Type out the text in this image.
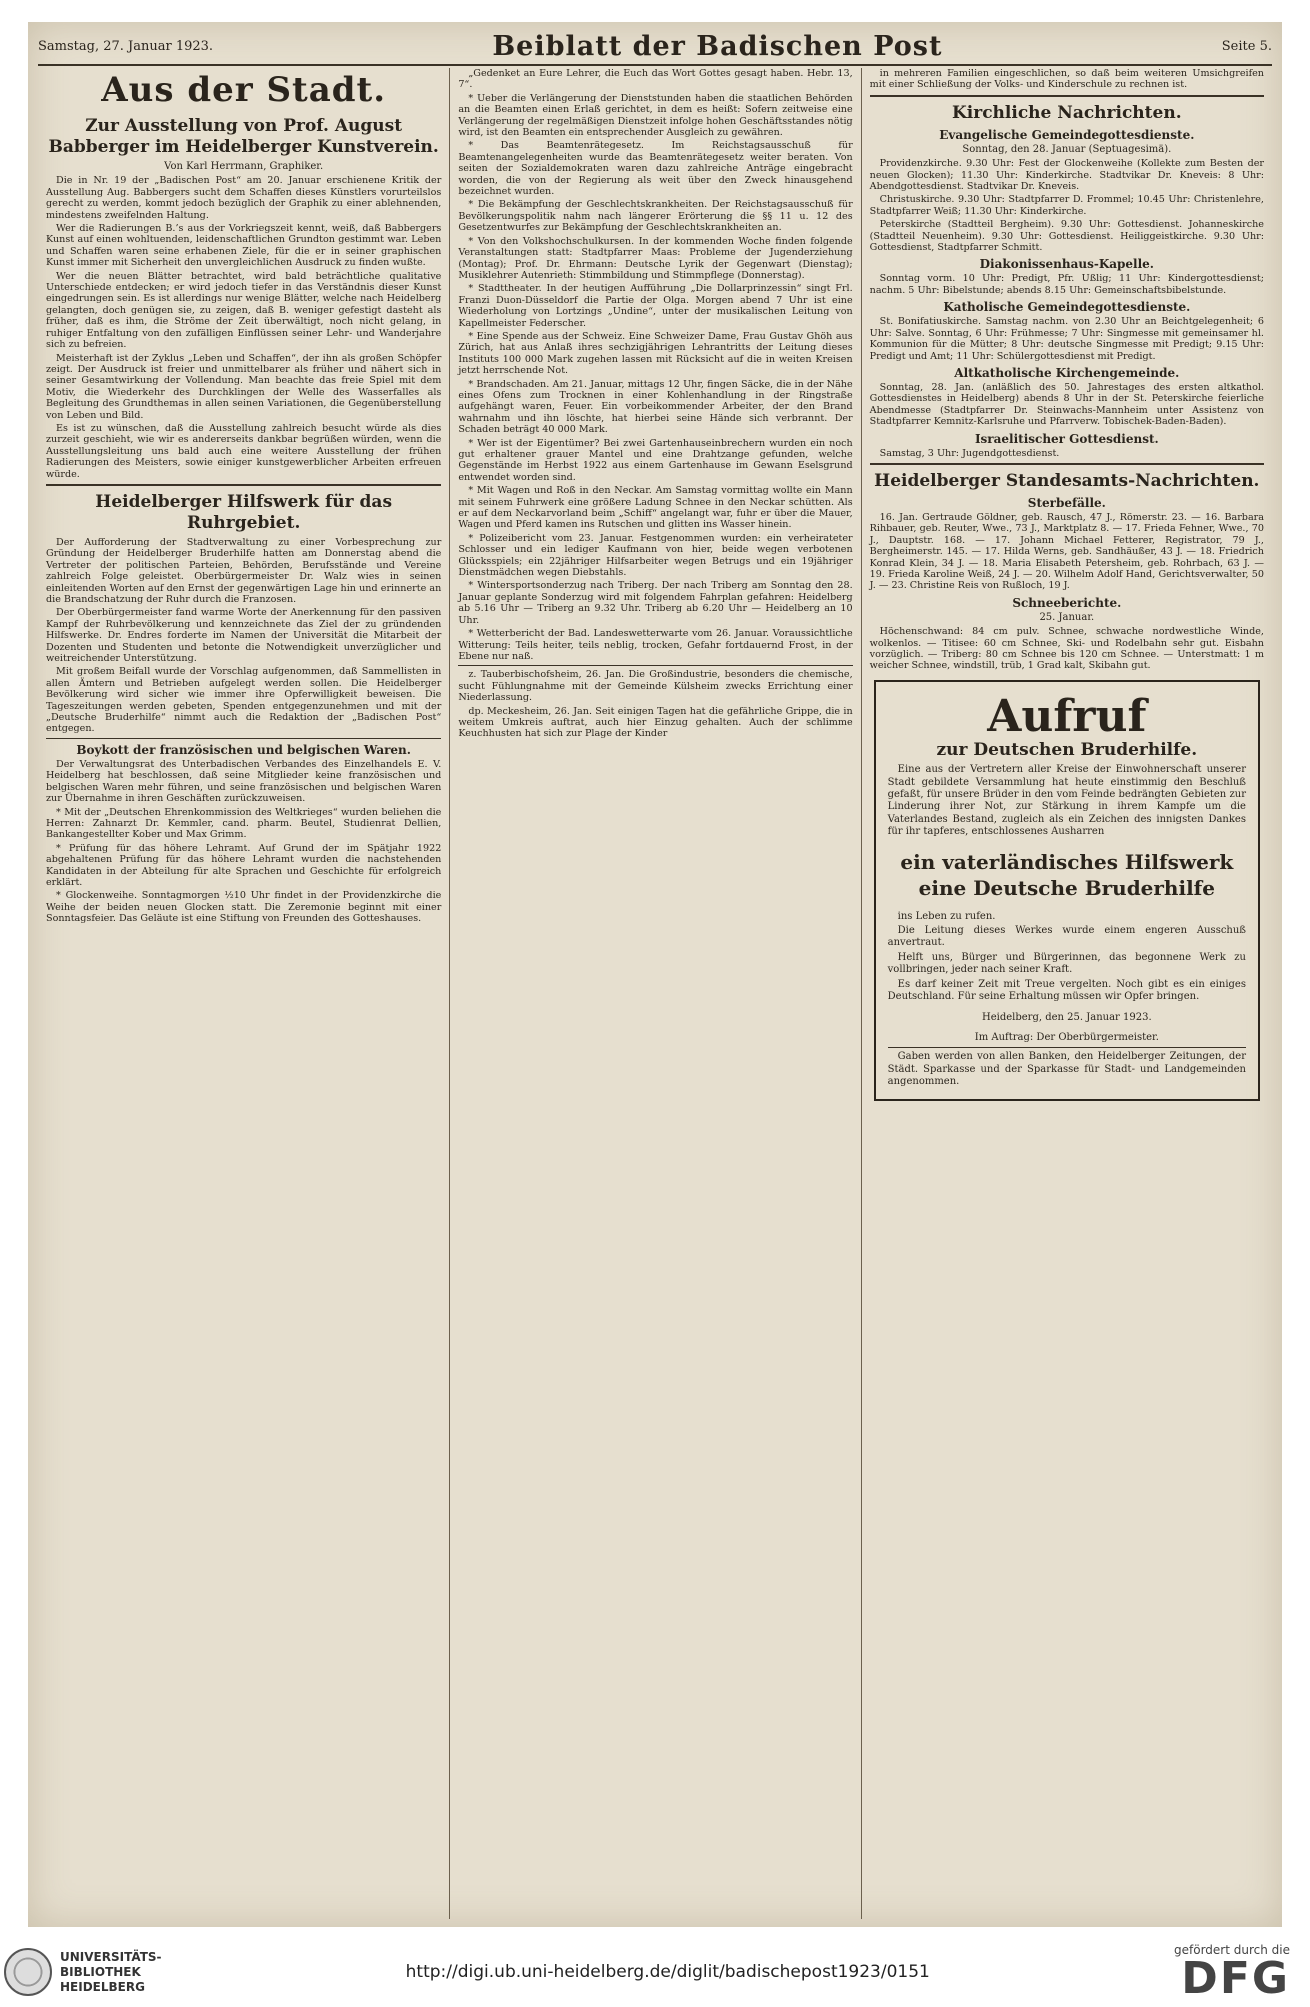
Samstag, 27. Januar 1923.	Beiblatt der Badischen Post	Seite 5.
Aus der Stadt.
Zur Ausstellung von Prof. August Babberger im Heidelberger Kunstverein.
Von Karl Herrmann, Graphiker.

Die in Nr. 19 der „Badischen Post“ am 20. Januar erschienene Kritik der Ausstellung Aug. Babbergers sucht dem Schaffen dieses Künstlers vorurteilslos gerecht zu werden, kommt jedoch bezüglich der Graphik zu einer ablehnenden, mindestens zweifelnden Haltung.

Wer die Radierungen B.’s aus der Vorkriegszeit kennt, weiß, daß Babbergers Kunst auf einen wohltuenden, leidenschaftlichen Grundton gestimmt war. Leben und Schaffen waren seine erhabenen Ziele, für die er in seiner graphischen Kunst immer mit Sicherheit den unvergleichlichen Ausdruck zu finden wußte.

Wer die neuen Blätter betrachtet, wird bald beträchtliche qualitative Unterschiede entdecken; er wird jedoch tiefer in das Verständnis dieser Kunst eingedrungen sein. Es ist allerdings nur wenige Blätter, welche nach Heidelberg gelangten, doch genügen sie, zu zeigen, daß B. weniger gefestigt dasteht als früher, daß es ihm, die Ströme der Zeit überwältigt, noch nicht gelang, in ruhiger Entfaltung von den zufälligen Einflüssen seiner Lehr- und Wanderjahre sich zu befreien.

Meisterhaft ist der Zyklus „Leben und Schaffen“, der ihn als großen Schöpfer zeigt. Der Ausdruck ist freier und unmittelbarer als früher und nähert sich in seiner Gesamtwirkung der Vollendung. Man beachte das freie Spiel mit dem Motiv, die Wiederkehr des Durchklingen der Welle des Wasserfalles als Begleitung des Grundthemas in allen seinen Variationen, die Gegenüberstellung von Leben und Bild.

Es ist zu wünschen, daß die Ausstellung zahlreich besucht würde als dies zurzeit geschieht, wie wir es andererseits dankbar begrüßen würden, wenn die Ausstellungsleitung uns bald auch eine weitere Ausstellung der frühen Radierungen des Meisters, sowie einiger kunstgewerblicher Arbeiten erfreuen würde.

Heidelberger Hilfswerk für das Ruhrgebiet.

Der Aufforderung der Stadtverwaltung zu einer Vorbesprechung zur Gründung der Heidelberger Bruderhilfe hatten am Donnerstag abend die Vertreter der politischen Parteien, Behörden, Berufsstände und Vereine zahlreich Folge geleistet. Oberbürgermeister Dr. Walz wies in seinen einleitenden Worten auf den Ernst der gegenwärtigen Lage hin und erinnerte an die Brandschatzung der Ruhr durch die Franzosen.

Der Oberbürgermeister fand warme Worte der Anerkennung für den passiven Kampf der Ruhrbevölkerung und kennzeichnete das Ziel der zu gründenden Hilfswerke. Dr. Endres forderte im Namen der Universität die Mitarbeit der Dozenten und Studenten und betonte die Notwendigkeit unverzüglicher und weitreichender Unterstützung.

Mit großem Beifall wurde der Vorschlag aufgenommen, daß Sammellisten in allen Ämtern und Betrieben aufgelegt werden sollen. Die Heidelberger Bevölkerung wird sicher wie immer ihre Opferwilligkeit beweisen. Die Tageszeitungen werden gebeten, Spenden entgegenzunehmen und mit der „Deutsche Bruderhilfe“ nimmt auch die Redaktion der „Badischen Post“ entgegen.

Boykott der französischen und belgischen Waren.

Der Verwaltungsrat des Unterbadischen Verbandes des Einzelhandels E. V. Heidelberg hat beschlossen, daß seine Mitglieder keine französischen und belgischen Waren mehr führen, und seine französischen und belgischen Waren zur Übernahme in ihren Geschäften zurückzuweisen.

* Mit der „Deutschen Ehrenkommission des Weltkrieges“ wurden beliehen die Herren: Zahnarzt Dr. Kemmler, cand. pharm. Beutel, Studienrat Dellien, Bankangestellter Kober und Max Grimm.

* Prüfung für das höhere Lehramt. Auf Grund der im Spätjahr 1922 abgehaltenen Prüfung für das höhere Lehramt wurden die nachstehenden Kandidaten in der Abteilung für alte Sprachen und Geschichte für erfolgreich erklärt.

* Glockenweihe. Sonntagmorgen ½10 Uhr findet in der Providenzkirche die Weihe der beiden neuen Glocken statt. Die Zeremonie beginnt mit einer Sonntagsfeier. Das Geläute ist eine Stiftung von Freunden des Gotteshauses.

„Gedenket an Eure Lehrer, die Euch das Wort Gottes gesagt haben. Hebr. 13, 7“.

* Ueber die Verlängerung der Dienststunden haben die staatlichen Behörden an die Beamten einen Erlaß gerichtet, in dem es heißt: Sofern zeitweise eine Verlängerung der regelmäßigen Dienstzeit infolge hohen Geschäftsstandes nötig wird, ist den Beamten ein entsprechender Ausgleich zu gewähren.

* Das Beamtenrätegesetz. Im Reichstagsausschuß für Beamtenangelegenheiten wurde das Beamtenrätegesetz weiter beraten. Von seiten der Sozialdemokraten waren dazu zahlreiche Anträge eingebracht worden, die von der Regierung als weit über den Zweck hinausgehend bezeichnet wurden.

* Die Bekämpfung der Geschlechtskrankheiten. Der Reichstagsausschuß für Bevölkerungspolitik nahm nach längerer Erörterung die §§ 11 u. 12 des Gesetzentwurfes zur Bekämpfung der Geschlechtskrankheiten an.

* Von den Volkshochschulkursen. In der kommenden Woche finden folgende Veranstaltungen statt: Stadtpfarrer Maas: Probleme der Jugenderziehung (Montag); Prof. Dr. Ehrmann: Deutsche Lyrik der Gegenwart (Dienstag); Musiklehrer Autenrieth: Stimmbildung und Stimmpflege (Donnerstag).

* Stadttheater. In der heutigen Aufführung „Die Dollarprinzessin“ singt Frl. Franzi Duon-Düsseldorf die Partie der Olga. Morgen abend 7 Uhr ist eine Wiederholung von Lortzings „Undine“, unter der musikalischen Leitung von Kapellmeister Federscher.

* Eine Spende aus der Schweiz. Eine Schweizer Dame, Frau Gustav Ghöh aus Zürich, hat aus Anlaß ihres sechzigjährigen Lehrantritts der Leitung dieses Instituts 100 000 Mark zugehen lassen mit Rücksicht auf die in weiten Kreisen jetzt herrschende Not.

* Brandschaden. Am 21. Januar, mittags 12 Uhr, fingen Säcke, die in der Nähe eines Ofens zum Trocknen in einer Kohlenhandlung in der Ringstraße aufgehängt waren, Feuer. Ein vorbeikommender Arbeiter, der den Brand wahrnahm und ihn löschte, hat hierbei seine Hände sich verbrannt. Der Schaden beträgt 40 000 Mark.

* Wer ist der Eigentümer? Bei zwei Gartenhauseinbrechern wurden ein noch gut erhaltener grauer Mantel und eine Drahtzange gefunden, welche Gegenstände im Herbst 1922 aus einem Gartenhause im Gewann Eselsgrund entwendet worden sind.

* Mit Wagen und Roß in den Neckar. Am Samstag vormittag wollte ein Mann mit seinem Fuhrwerk eine größere Ladung Schnee in den Neckar schütten. Als er auf dem Neckarvorland beim „Schiff“ angelangt war, fuhr er über die Mauer, Wagen und Pferd kamen ins Rutschen und glitten ins Wasser hinein.

* Polizeibericht vom 23. Januar. Festgenommen wurden: ein verheirateter Schlosser und ein lediger Kaufmann von hier, beide wegen verbotenen Glücksspiels; ein 22jähriger Hilfsarbeiter wegen Betrugs und ein 19jähriger Dienstmädchen wegen Diebstahls.

* Wintersportsonderzug nach Triberg. Der nach Triberg am Sonntag den 28. Januar geplante Sonderzug wird mit folgendem Fahrplan gefahren: Heidelberg ab 5.16 Uhr — Triberg an 9.32 Uhr. Triberg ab 6.20 Uhr — Heidelberg an 10 Uhr.

* Wetterbericht der Bad. Landeswetterwarte vom 26. Januar. Voraussichtliche Witterung: Teils heiter, teils neblig, trocken, Gefahr fortdauernd Frost, in der Ebene nur naß.

z. Tauberbischofsheim, 26. Jan. Die Großindustrie, besonders die chemische, sucht Fühlungnahme mit der Gemeinde Külsheim zwecks Errichtung einer Niederlassung.

dp. Meckesheim, 26. Jan. Seit einigen Tagen hat die gefährliche Grippe, die in weitem Umkreis auftrat, auch hier Einzug gehalten. Auch der schlimme Keuchhusten hat sich zur Plage der Kinder

in mehreren Familien eingeschlichen, so daß beim weiteren Umsichgreifen mit einer Schließung der Volks- und Kinderschule zu rechnen ist.

Kirchliche Nachrichten.
Evangelische Gemeindegottesdienste.
Sonntag, den 28. Januar (Septuagesimä).

Providenzkirche. 9.30 Uhr: Fest der Glockenweihe (Kollekte zum Besten der neuen Glocken); 11.30 Uhr: Kinderkirche. Stadtvikar Dr. Kneveis: 8 Uhr: Abendgottesdienst. Stadtvikar Dr. Kneveis.

Christuskirche. 9.30 Uhr: Stadtpfarrer D. Frommel; 10.45 Uhr: Christenlehre, Stadtpfarrer Weiß; 11.30 Uhr: Kinderkirche.

Peterskirche (Stadtteil Bergheim). 9.30 Uhr: Gottesdienst. Johanneskirche (Stadtteil Neuenheim). 9.30 Uhr: Gottesdienst. Heiliggeistkirche. 9.30 Uhr: Gottesdienst, Stadtpfarrer Schmitt.

Diakonissenhaus-Kapelle.

Sonntag vorm. 10 Uhr: Predigt, Pfr. Ußlig; 11 Uhr: Kindergottesdienst; nachm. 5 Uhr: Bibelstunde; abends 8.15 Uhr: Gemeinschaftsbibelstunde.

Katholische Gemeindegottesdienste.

St. Bonifatiuskirche. Samstag nachm. von 2.30 Uhr an Beichtgelegenheit; 6 Uhr: Salve. Sonntag, 6 Uhr: Frühmesse; 7 Uhr: Singmesse mit gemeinsamer hl. Kommunion für die Mütter; 8 Uhr: deutsche Singmesse mit Predigt; 9.15 Uhr: Predigt und Amt; 11 Uhr: Schülergottesdienst mit Predigt.

Altkatholische Kirchengemeinde.

Sonntag, 28. Jan. (anläßlich des 50. Jahrestages des ersten altkathol. Gottesdienstes in Heidelberg) abends 8 Uhr in der St. Peterskirche feierliche Abendmesse (Stadtpfarrer Dr. Steinwachs-Mannheim unter Assistenz von Stadtpfarrer Kemnitz-Karlsruhe und Pfarrverw. Tobischek-Baden-Baden).

Israelitischer Gottesdienst.

Samstag, 3 Uhr: Jugendgottesdienst.

Heidelberger Standesamts-Nachrichten.
Sterbefälle.

16. Jan. Gertraude Göldner, geb. Rausch, 47 J., Römerstr. 23. — 16. Barbara Rihbauer, geb. Reuter, Wwe., 73 J., Marktplatz 8. — 17. Frieda Fehner, Wwe., 70 J., Dauptstr. 168. — 17. Johann Michael Fetterer, Registrator, 79 J., Bergheimerstr. 145. — 17. Hilda Werns, geb. Sandhäußer, 43 J. — 18. Friedrich Konrad Klein, 34 J. — 18. Maria Elisabeth Petersheim, geb. Rohrbach, 63 J. — 19. Frieda Karoline Weiß, 24 J. — 20. Wilhelm Adolf Hand, Gerichtsverwalter, 50 J. — 23. Christine Reis von Rußloch, 19 J.

Schneeberichte.
25. Januar.

Höchenschwand: 84 cm pulv. Schnee, schwache nordwestliche Winde, wolkenlos. — Titisee: 60 cm Schnee, Ski- und Rodelbahn sehr gut. Eisbahn vorzüglich. — Triberg: 80 cm Schnee bis 120 cm Schnee. — Unterstmatt: 1 m weicher Schnee, windstill, trüb, 1 Grad kalt, Skibahn gut.

Aufruf
zur Deutschen Bruderhilfe.

Eine aus der Vertretern aller Kreise der Einwohnerschaft unserer Stadt gebildete Versammlung hat heute einstimmig den Beschluß gefaßt, für unsere Brüder in den vom Feinde bedrängten Gebieten zur Linderung ihrer Not, zur Stärkung in ihrem Kampfe um die Vaterlandes Bestand, zugleich als ein Zeichen des innigsten Dankes für ihr tapferes, entschlossenes Ausharren

ein vaterländisches Hilfswerk eine Deutsche Bruderhilfe

ins Leben zu rufen.

Die Leitung dieses Werkes wurde einem engeren Ausschuß anvertraut.

Helft uns, Bürger und Bürgerinnen, das begonnene Werk zu vollbringen, jeder nach seiner Kraft.

Es darf keiner Zeit mit Treue vergelten. Noch gibt es ein einiges Deutschland. Für seine Erhaltung müssen wir Opfer bringen.

Heidelberg, den 25. Januar 1923.
Im Auftrag: Der Oberbürgermeister.

Gaben werden von allen Banken, den Heidelberger Zeitungen, der Städt. Sparkasse und der Sparkasse für Stadt- und Landgemeinden angenommen.

UNIVERSITÄTS-
BIBLIOTHEK
HEIDELBERG
http://digi.ub.uni-heidelberg.de/diglit/badischepost1923/0151
gefördert durch die
DFG
